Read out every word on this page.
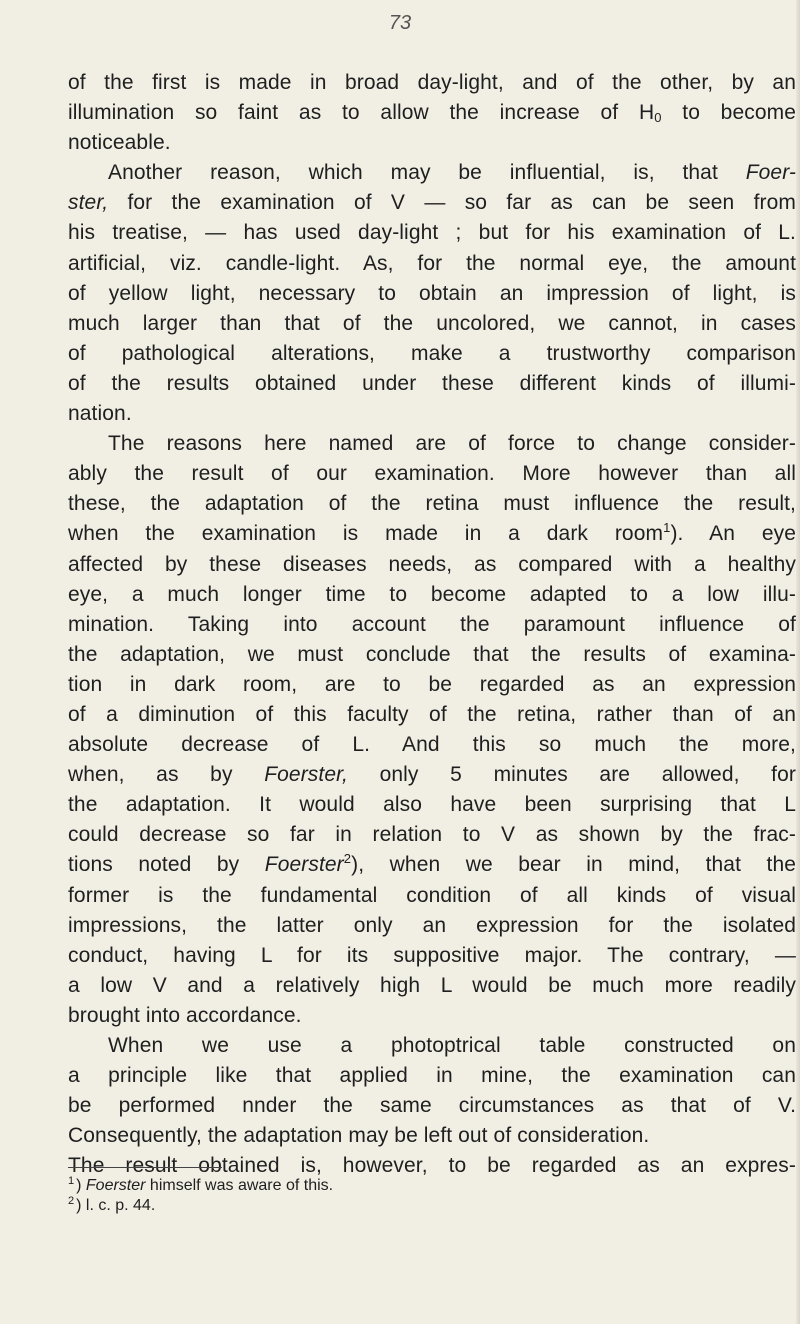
73
of the first is made in broad day-light, and of the other, by an
illumination so faint as to allow the increase of $H_0$ to become
noticeable.
Another reason, which may be influential, is, that Foer-
ster, for the examination of V — so far as can be seen from
his treatise, — has used day-light ; but for his examination of L.
artificial, viz. candle-light. As, for the normal eye, the amount
of yellow light, necessary to obtain an impression of light, is
much larger than that of the uncolored, we cannot, in cases
of pathological alterations, make a trustworthy comparison
of the results obtained under these different kinds of illumi-
nation.
The reasons here named are of force to change consider-
ably the result of our examination. More however than all
these, the adaptation of the retina must influence the result,
when the examination is made in a dark room$^1$). An eye
affected by these diseases needs, as compared with a healthy
eye, a much longer time to become adapted to a low illu-
mination. Taking into account the paramount influence of
the adaptation, we must conclude that the results of examina-
tion in dark room, are to be regarded as an expression
of a diminution of this faculty of the retina, rather than of an
absolute decrease of L. And this so much the more,
when, as by Foerster, only 5 minutes are allowed, for
the adaptation. It would also have been surprising that L
could decrease so far in relation to V as shown by the frac-
tions noted by Foerster$^2$), when we bear in mind, that the
former is the fundamental condition of all kinds of visual
impressions, the latter only an expression for the isolated
conduct, having L for its suppositive major. The contrary, —
a low V and a relatively high L would be much more readily
brought into accordance.
When we use a photoptrical table constructed on
a principle like that applied in mine, the examination can
be performed nnder the same circumstances as that of V.
Consequently, the adaptation may be left out of consideration.
The result obtained is, however, to be regarded as an expres-
$^1$ ) Foerster himself was aware of this.
$^2$ ) l. c. p. 44.
